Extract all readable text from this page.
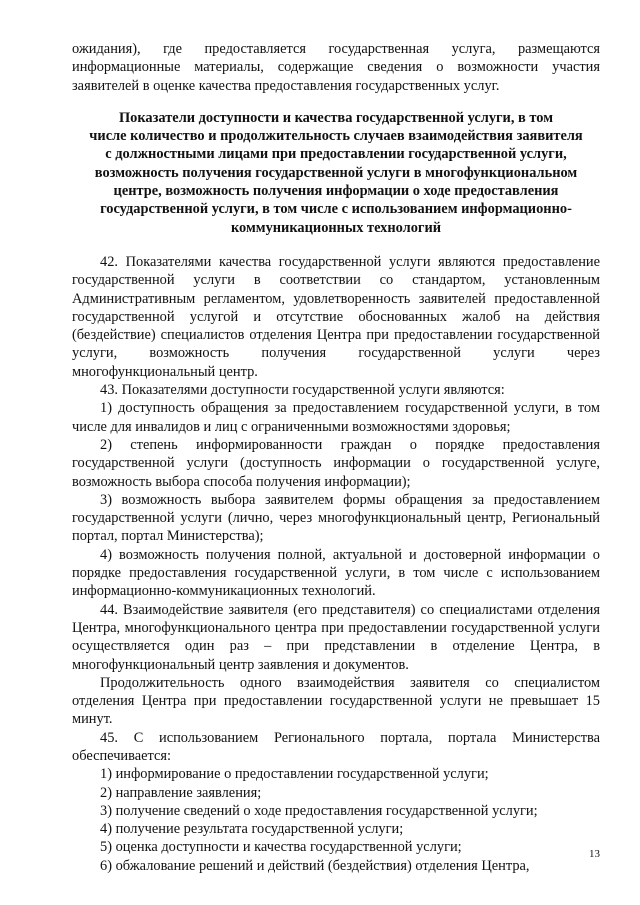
ожидания), где предоставляется государственная услуга, размещаются информационные материалы, содержащие сведения о возможности участия заявителей в оценке качества предоставления государственных услуг.

Показатели доступности и качества государственной услуги, в том
числе количество и продолжительность случаев взаимодействия заявителя
с должностными лицами при предоставлении государственной услуги,
возможность получения государственной услуги в многофункциональном
центре, возможность получения информации о ходе предоставления
государственной услуги, в том числе с использованием информационно-
коммуникационных технологий

42. Показателями качества государственной услуги являются предоставление государственной услуги в соответствии со стандартом, установленным Административным регламентом, удовлетворенность заявителей предоставленной государственной услугой и отсутствие обоснованных жалоб на действия (бездействие) специалистов отделения Центра при предоставлении государственной услуги, возможность получения государственной услуги через многофункциональный центр.

43. Показателями доступности государственной услуги являются:

1) доступность обращения за предоставлением государственной услуги, в том числе для инвалидов и лиц с ограниченными возможностями здоровья;

2) степень информированности граждан о порядке предоставления государственной услуги (доступность информации о государственной услуге, возможность выбора способа получения информации);

3) возможность выбора заявителем формы обращения за предоставлением государственной услуги (лично, через многофункциональный центр, Региональный портал, портал Министерства);

4) возможность получения полной, актуальной и достоверной информации о порядке предоставления государственной услуги, в том числе с использованием информационно-коммуникационных технологий.

44. Взаимодействие заявителя (его представителя) со специалистами отделения Центра, многофункционального центра при предоставлении государственной услуги осуществляется один раз – при представлении в отделение Центра, в многофункциональный центр заявления и документов.

Продолжительность одного взаимодействия заявителя со специалистом отделения Центра при предоставлении государственной услуги не превышает 15 минут.

45. С использованием Регионального портала, портала Министерства обеспечивается:

1) информирование о предоставлении государственной услуги;

2) направление заявления;

3) получение сведений о ходе предоставления государственной услуги;

4) получение результата государственной услуги;

5) оценка доступности и качества государственной услуги;

6) обжалование решений и действий (бездействия) отделения Центра,

13
